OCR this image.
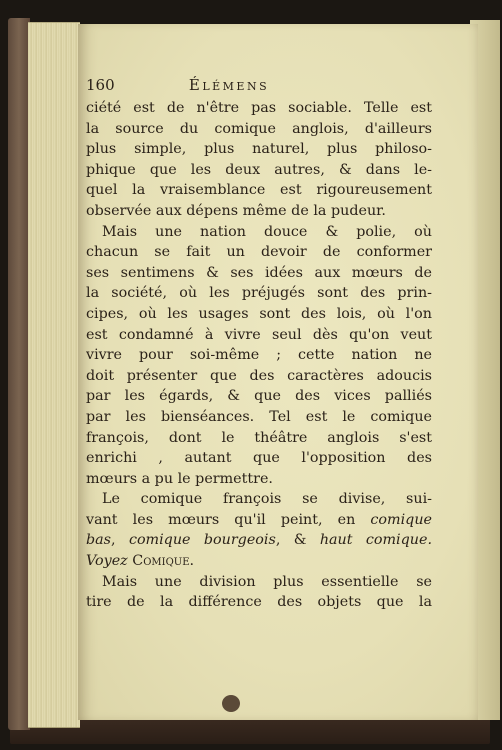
160	Élémens
ciété est de n'être pas sociable. Telle est
la source du comique anglois, d'ailleurs
plus simple, plus naturel, plus philoso-
phique que les deux autres, & dans le-
quel la vraisemblance est rigoureusement
observée aux dépens même de la pudeur.
Mais une nation douce & polie, où
chacun se fait un devoir de conformer
ses sentimens & ses idées aux mœurs de
la société, où les préjugés sont des prin-
cipes, où les usages sont des lois, où l'on
est condamné à vivre seul dès qu'on veut
vivre pour soi-même ; cette nation ne
doit présenter que des caractères adoucis
par les égards, & que des vices palliés
par les bienséances. Tel est le comique
françois, dont le théâtre anglois s'est
enrichi , autant que l'opposition des
mœurs a pu le permettre.
Le comique françois se divise, sui-
vant les mœurs qu'il peint, en comique
bas, comique bourgeois, & haut comique.
Voyez Comique.
Mais une division plus essentielle se
tire de la différence des objets que la
